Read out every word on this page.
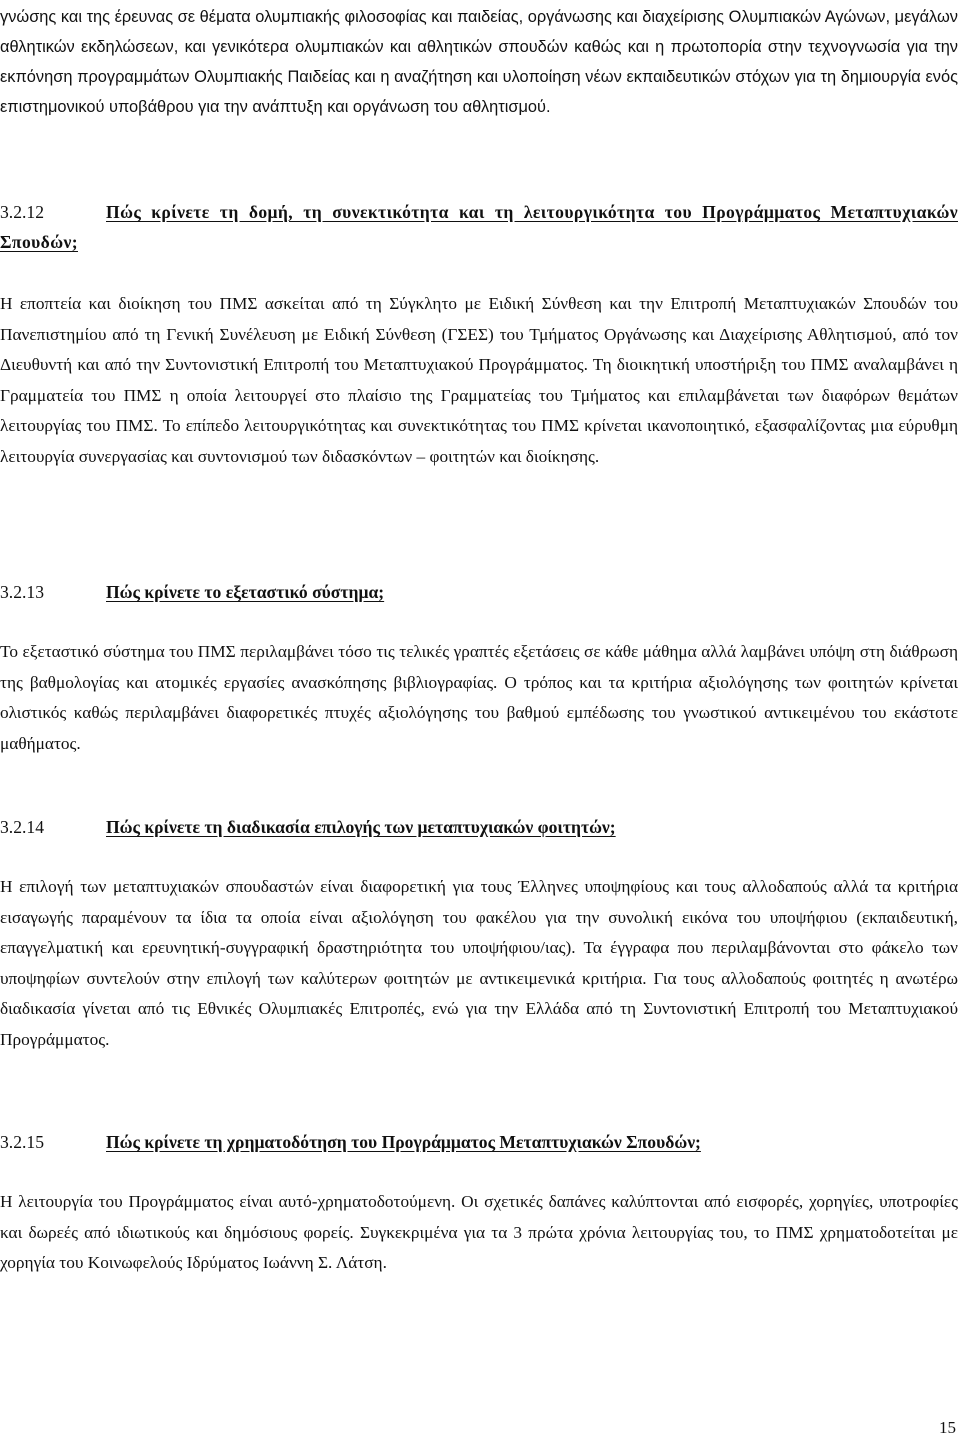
γνώσης και της έρευνας σε θέματα ολυμπιακής φιλοσοφίας και παιδείας, οργάνωσης και διαχείρισης Ολυμπιακών Αγώνων, μεγάλων αθλητικών εκδηλώσεων, και γενικότερα ολυμπιακών και αθλητικών σπουδών καθώς και η πρωτοπορία στην τεχνογνωσία για την εκπόνηση προγραμμάτων Ολυμπιακής Παιδείας και η αναζήτηση και υλοποίηση νέων εκπαιδευτικών στόχων για τη δημιουργία ενός επιστημονικού υποβάθρου για την ανάπτυξη και οργάνωση του αθλητισμού.

3.2.12	Πώς κρίνετε τη δομή, τη συνεκτικότητα και τη λειτουργικότητα του Προγράμματος Μεταπτυχιακών Σπουδών;

Η εποπτεία και διοίκηση του ΠΜΣ ασκείται από τη Σύγκλητο με Ειδική Σύνθεση και την Επιτροπή Μεταπτυχιακών Σπουδών του Πανεπιστημίου από τη Γενική Συνέλευση με Ειδική Σύνθεση (ΓΣΕΣ) του Τμήματος Οργάνωσης και Διαχείρισης Αθλητισμού, από τον Διευθυντή και από την Συντονιστική Επιτροπή του Μεταπτυχιακού Προγράμματος. Τη διοικητική υποστήριξη του ΠΜΣ αναλαμβάνει η Γραμματεία του ΠΜΣ η οποία λειτουργεί στο πλαίσιο της Γραμματείας του Τμήματος και επιλαμβάνεται των διαφόρων θεμάτων λειτουργίας του ΠΜΣ. Το επίπεδο λειτουργικότητας και συνεκτικότητας του ΠΜΣ κρίνεται ικανοποιητικό, εξασφαλίζοντας μια εύρυθμη λειτουργία συνεργασίας και συντονισμού των διδασκόντων – φοιτητών και διοίκησης.

3.2.13	Πώς κρίνετε το εξεταστικό σύστημα;

Το εξεταστικό σύστημα του ΠΜΣ περιλαμβάνει τόσο τις τελικές γραπτές εξετάσεις σε κάθε μάθημα αλλά λαμβάνει υπόψη στη διάθρωση της βαθμολογίας και ατομικές εργασίες ανασκόπησης βιβλιογραφίας. Ο τρόπος και τα κριτήρια αξιολόγησης των φοιτητών κρίνεται ολιστικός καθώς περιλαμβάνει διαφορετικές πτυχές αξιολόγησης του βαθμού εμπέδωσης του γνωστικού αντικειμένου του εκάστοτε μαθήματος.

3.2.14	Πώς κρίνετε τη διαδικασία επιλογής των μεταπτυχιακών φοιτητών;

Η επιλογή των μεταπτυχιακών σπουδαστών είναι διαφορετική για τους Έλληνες υποψηφίους και τους αλλοδαπούς αλλά τα κριτήρια εισαγωγής παραμένουν τα ίδια τα οποία είναι αξιολόγηση του φακέλου για την συνολική εικόνα του υποψήφιου (εκπαιδευτική, επαγγελματική και ερευνητική-συγγραφική δραστηριότητα του υποψήφιου/ιας). Τα έγγραφα που περιλαμβάνονται στο φάκελο των υποψηφίων συντελούν στην επιλογή των καλύτερων φοιτητών με αντικειμενικά κριτήρια. Για τους αλλοδαπούς φοιτητές η ανωτέρω διαδικασία γίνεται από τις Εθνικές Ολυμπιακές Επιτροπές, ενώ για την Ελλάδα από τη Συντονιστική Επιτροπή του Μεταπτυχιακού Προγράμματος.

3.2.15	Πώς κρίνετε τη χρηματοδότηση του Προγράμματος Μεταπτυχιακών Σπουδών;

Η λειτουργία του Προγράμματος είναι αυτό-χρηματοδοτούμενη. Οι σχετικές δαπάνες καλύπτονται από εισφορές, χορηγίες, υποτροφίες και δωρεές από ιδιωτικούς και δημόσιους φορείς. Συγκεκριμένα για τα 3 πρώτα χρόνια λειτουργίας του, το ΠΜΣ χρηματοδοτείται με χορηγία του Κοινωφελούς Ιδρύματος Ιωάννη Σ. Λάτση.

15
